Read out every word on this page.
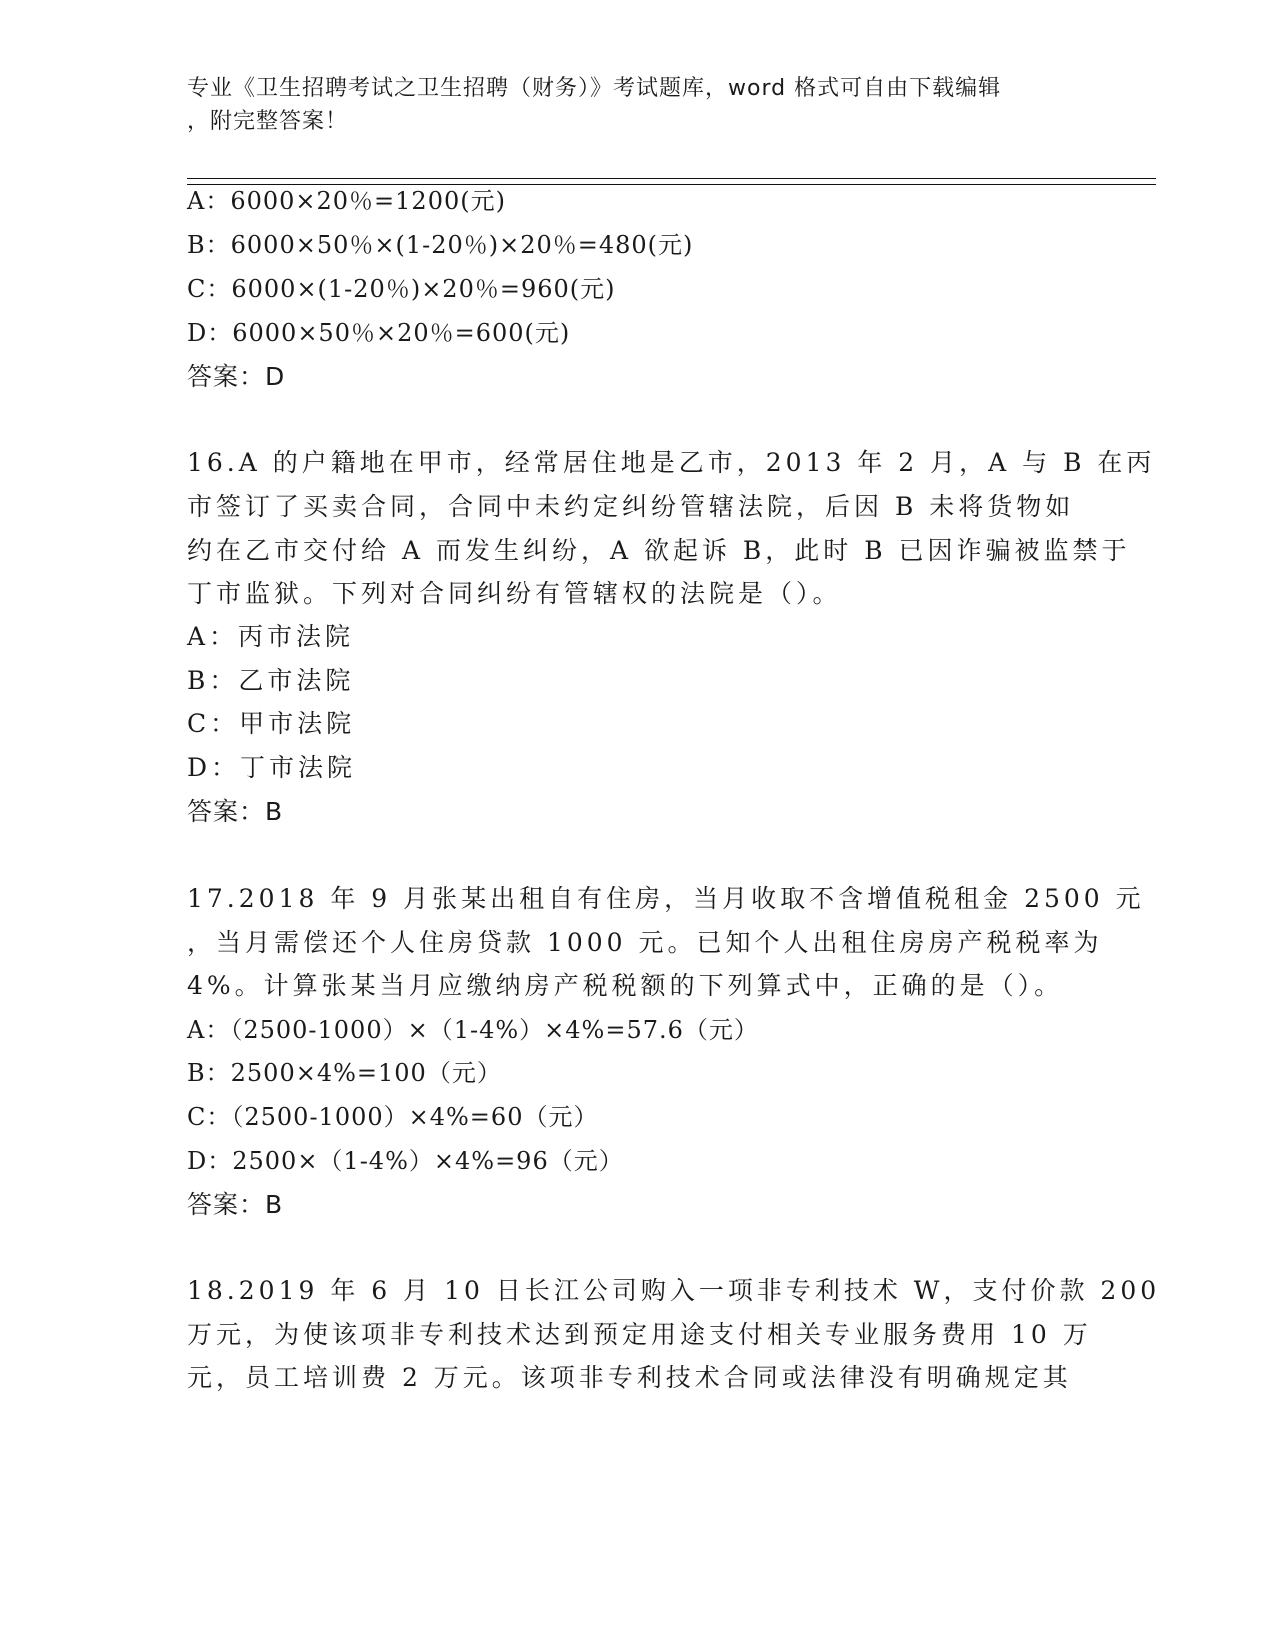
专业《卫生招聘考试之卫生招聘（财务）》考试题库，word 格式可自由下载编辑
，附完整答案！
A：6000×20％=1200(元)
B：6000×50％×(1-20％)×20％=480(元)
C：6000×(1-20％)×20％=960(元)
D：6000×50％×20％=600(元)
答案：D
16.A 的户籍地在甲市，经常居住地是乙市，2013 年 2 月，A 与 B 在丙
市签订了买卖合同，合同中未约定纠纷管辖法院，后因 B 未将货物如
约在乙市交付给 A 而发生纠纷，A 欲起诉 B，此时 B 已因诈骗被监禁于
丁市监狱。下列对合同纠纷有管辖权的法院是（）。
A：丙市法院
B：乙市法院
C：甲市法院
D：丁市法院
答案：B
17.2018 年 9 月张某出租自有住房，当月收取不含增值税租金 2500 元
，当月需偿还个人住房贷款 1000 元。已知个人出租住房房产税税率为
4%。计算张某当月应缴纳房产税税额的下列算式中，正确的是（）。
A：（2500-1000）×（1-4%）×4%=57.6（元）
B：2500×4%=100（元）
C：（2500-1000）×4%=60（元）
D：2500×（1-4%）×4%=96（元）
答案：B
18.2019 年 6 月 10 日长江公司购入一项非专利技术 W，支付价款 200
万元，为使该项非专利技术达到预定用途支付相关专业服务费用 10 万
元，员工培训费 2 万元。该项非专利技术合同或法律没有明确规定其
